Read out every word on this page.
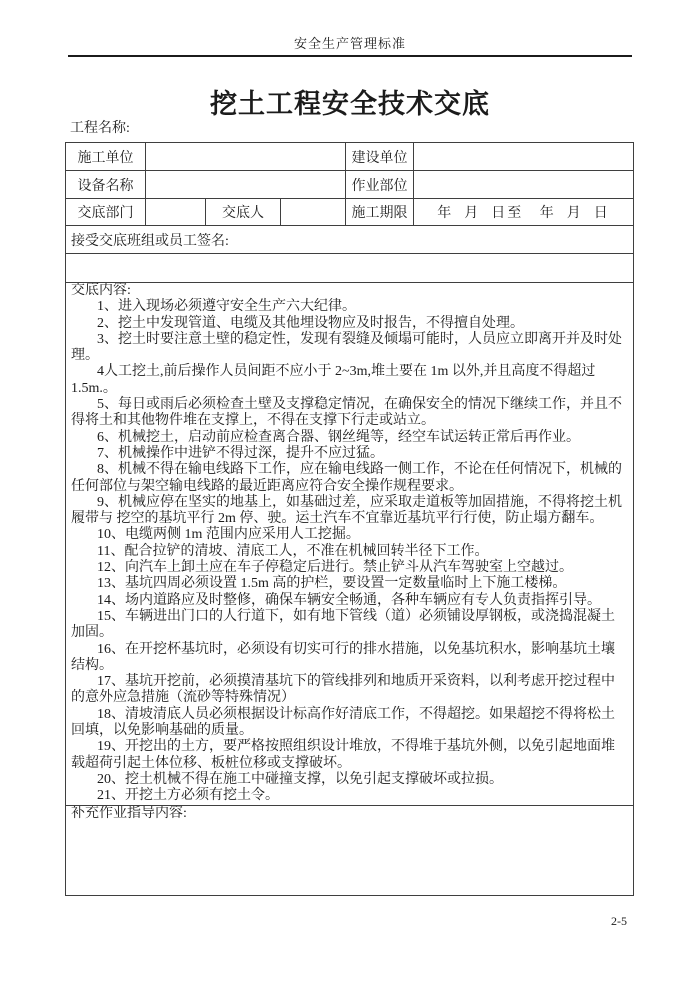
安全生产管理标准
挖土工程安全技术交底
工程名称:
施工单位				建设单位	
设备名称				作业部位	
交底部门		交底人		施工期限	年  月  日至   年  月  日
接受交底班组或员工签名:					

交底内容:

1、进入现场必须遵守安全生产六大纪律。

2、挖土中发现管道、电缆及其他埋设物应及时报告，不得擅自处理。

3、挖土时要注意土壁的稳定性，发现有裂缝及倾塌可能时，人员应立即离开并及时处理。

4人工挖土,前后操作人员间距不应小于 2~3m,堆土要在 1m 以外,并且高度不得超过 1.5m.。

5、每日或雨后必须检查土壁及支撑稳定情况，在确保安全的情况下继续工作，并且不得将土和其他物件堆在支撑上，不得在支撑下行走或站立。

6、机械挖土，启动前应检查离合器、钢丝绳等，经空车试运转正常后再作业。

7、机械操作中进铲不得过深，提升不应过猛。

8、机械不得在输电线路下工作，应在输电线路一侧工作，不论在任何情况下，机械的任何部位与架空输电线路的最近距离应符合安全操作规程要求。

9、机械应停在坚实的地基上，如基础过差，应采取走道板等加固措施，不得将挖土机履带与 挖空的基坑平行 2m 停、驶。运土汽车不宜靠近基坑平行行使，防止塌方翻车。

10、电缆两侧 1m 范围内应采用人工挖掘。

11、配合拉铲的清坡、清底工人，不准在机械回转半径下工作。

12、向汽车上卸土应在车子停稳定后进行。禁止铲斗从汽车驾驶室上空越过。

13、基坑四周必须设置 1.5m 高的护栏，要设置一定数量临时上下施工楼梯。

14、场内道路应及时整修，确保车辆安全畅通，各种车辆应有专人负责指挥引导。

15、车辆进出门口的人行道下，如有地下管线（道）必须铺设厚钢板，或浇捣混凝土加固。

16、在开挖杯基坑时，必须设有切实可行的排水措施，以免基坑积水，影响基坑土壤结构。

17、基坑开挖前，必须摸清基坑下的管线排列和地质开采资料，以利考虑开挖过程中的意外应急措施（流砂等特殊情况）

18、清坡清底人员必须根据设计标高作好清底工作，不得超挖。如果超挖不得将松土回填，以免影响基础的质量。

19、开挖出的土方，要严格按照组织设计堆放，不得堆于基坑外侧，以免引起地面堆载超荷引起土体位移、板桩位移或支撑破坏。

20、挖土机械不得在施工中碰撞支撑，以免引起支撑破坏或拉损。

21、开挖土方必须有挖土令。

补充作业指导内容:					

2-5
